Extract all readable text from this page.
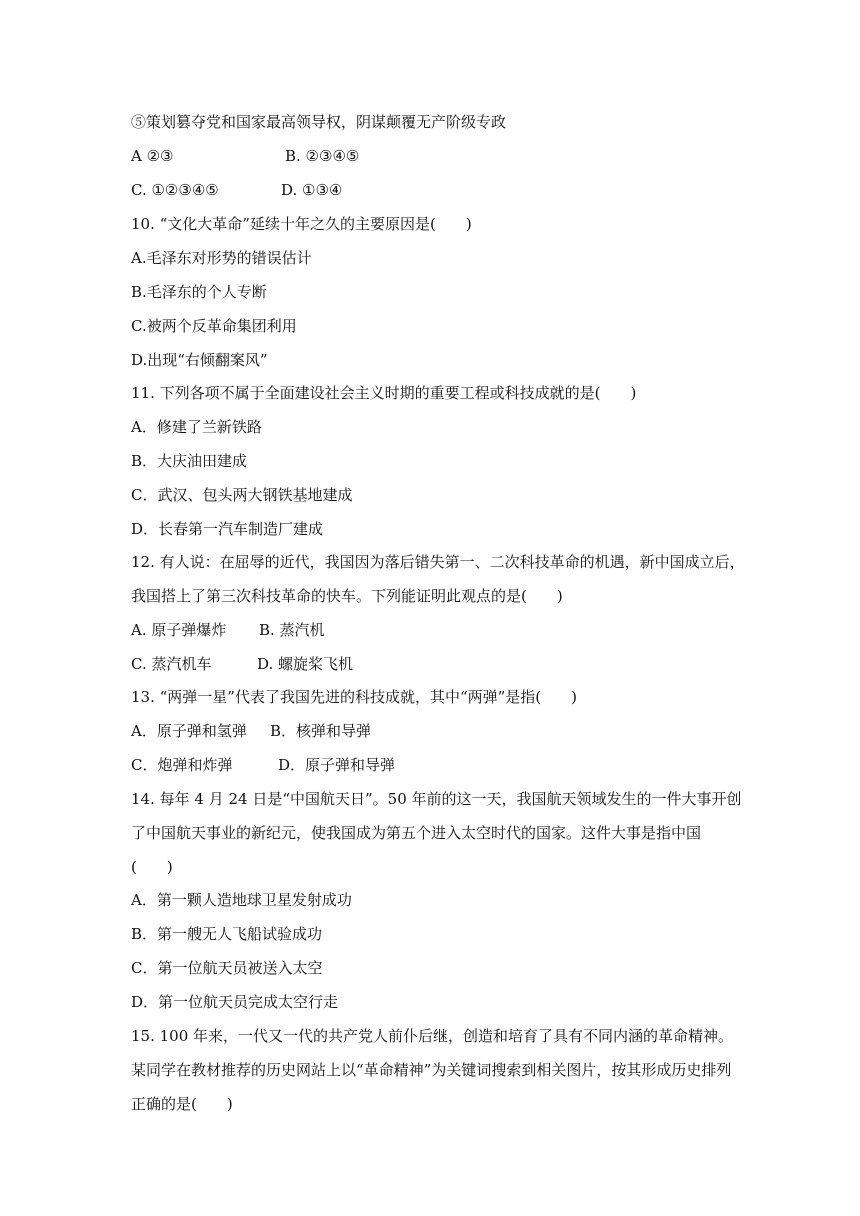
⑤策划篡夺党和国家最高领导权，阴谋颠覆无产阶级专政
A ②③	B. ②③④⑤
C. ①②③④⑤	D. ①③④
10. “文化大革命”延续十年之久的主要原因是(　　)
A.毛泽东对形势的错误估计
B.毛泽东的个人专断
C.被两个反革命集团利用
D.出现“右倾翻案风”
11. 下列各项不属于全面建设社会主义时期的重要工程或科技成就的是(　　)
A．修建了兰新铁路
B．大庆油田建成
C．武汉、包头两大钢铁基地建成
D．长春第一汽车制造厂建成
12. 有人说：在屈辱的近代，我国因为落后错失第一、二次科技革命的机遇，新中国成立后，
我国搭上了第三次科技革命的快车。下列能证明此观点的是(　　)
A. 原子弹爆炸 B. 蒸汽机
C. 蒸汽机车	D. 螺旋桨飞机
13. “两弹一星”代表了我国先进的科技成就，其中“两弹”是指(　　)
A．原子弹和氢弹 B．核弹和导弹
C．炮弹和炸弹	D．原子弹和导弹
14. 每年 4 月 24 日是“中国航天日”。50 年前的这一天，我国航天领域发生的一件大事开创
了中国航天事业的新纪元，使我国成为第五个进入太空时代的国家。这件大事是指中国
(　　)
A．第一颗人造地球卫星发射成功
B．第一艘无人飞船试验成功
C．第一位航天员被送入太空
D．第一位航天员完成太空行走
15. 100 年来，一代又一代的共产党人前仆后继，创造和培育了具有不同内涵的革命精神。
某同学在教材推荐的历史网站上以“革命精神”为关键词搜索到相关图片，按其形成历史排列
正确的是(　　)
